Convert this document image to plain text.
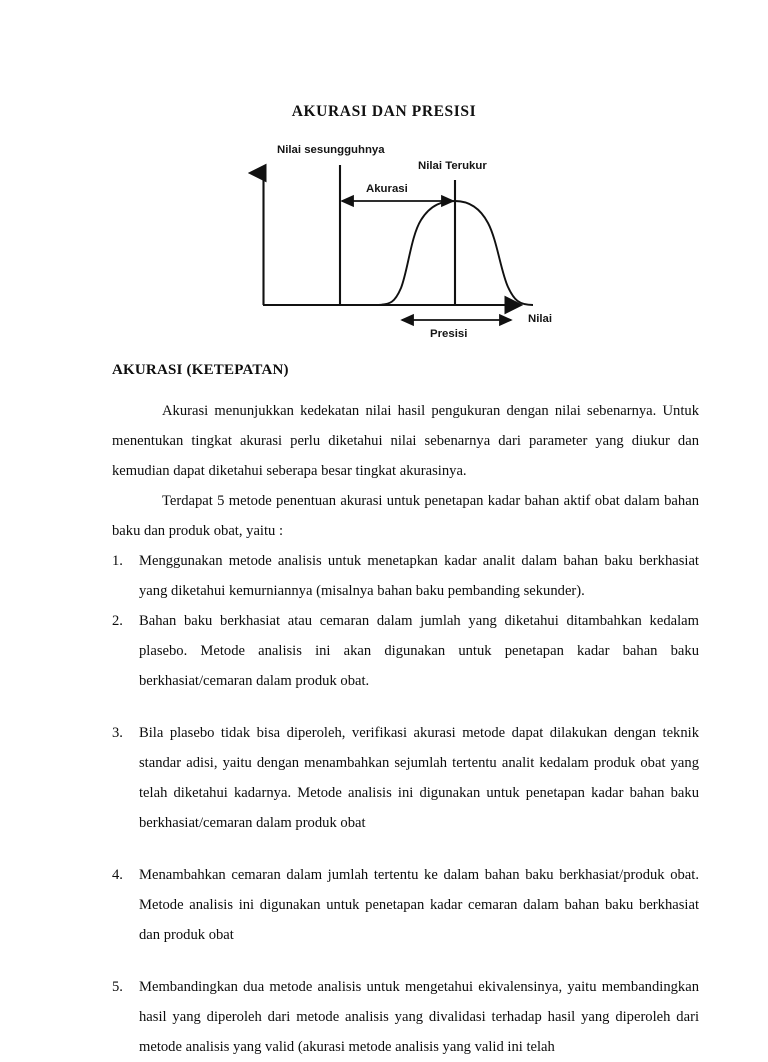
AKURASI DAN PRESISI
Nilai sesungguhnya
Nilai Terukur
Nilai
Akurasi
Presisi
AKURASI (KETEPATAN)

Akurasi menunjukkan kedekatan nilai hasil pengukuran dengan nilai sebenarnya. Untuk menentukan tingkat akurasi perlu diketahui nilai sebenarnya dari parameter yang diukur dan kemudian dapat diketahui seberapa besar tingkat akurasinya.

Terdapat 5 metode penentuan akurasi untuk penetapan kadar bahan aktif obat dalam bahan baku dan produk obat, yaitu :

1.	Menggunakan metode analisis untuk menetapkan kadar analit dalam bahan baku berkhasiat yang diketahui kemurniannya (misalnya bahan baku pembanding sekunder).
2.	Bahan baku berkhasiat atau cemaran dalam jumlah yang diketahui ditambahkan kedalam plasebo. Metode analisis ini akan digunakan untuk penetapan kadar bahan baku berkhasiat/cemaran dalam produk obat.
3.	Bila plasebo tidak bisa diperoleh, verifikasi akurasi metode dapat dilakukan dengan teknik standar adisi, yaitu dengan menambahkan sejumlah tertentu analit kedalam produk obat yang telah diketahui kadarnya. Metode analisis ini digunakan untuk penetapan kadar bahan baku berkhasiat/cemaran dalam produk obat
4.	Menambahkan cemaran dalam jumlah tertentu ke dalam bahan baku berkhasiat/produk obat. Metode analisis ini digunakan untuk penetapan kadar cemaran dalam bahan baku berkhasiat dan produk obat
5.	Membandingkan dua metode analisis untuk mengetahui ekivalensinya, yaitu membandingkan hasil yang diperoleh dari metode analisis yang divalidasi terhadap hasil yang diperoleh dari metode analisis yang valid (akurasi metode analisis yang valid ini telah
